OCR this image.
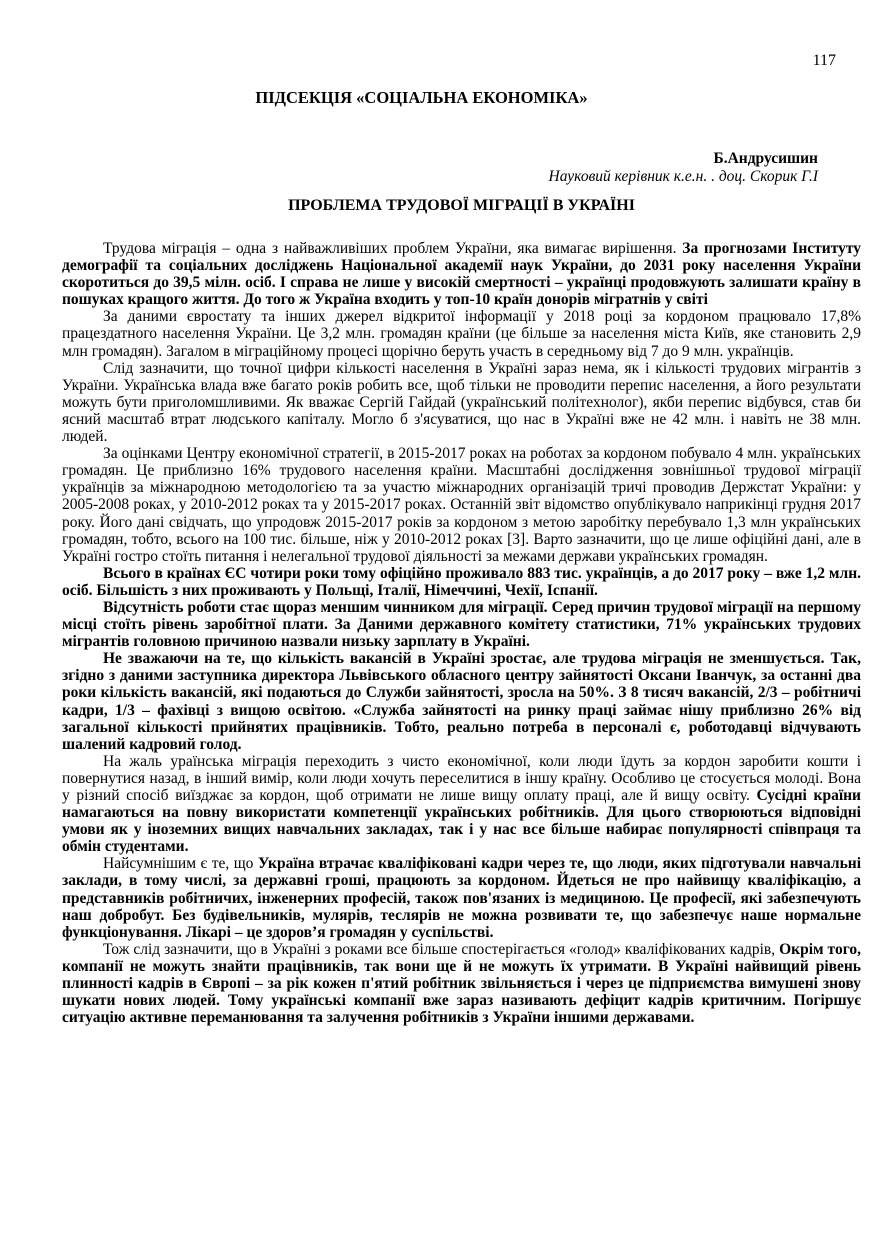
117
ПІДСЕКЦІЯ «СОЦІАЛЬНА ЕКОНОМІКА»
Б.Андрусишин
Науковий керівник к.е.н. . доц. Скорик Г.І
ПРОБЛЕМА ТРУДОВОЇ МІГРАЦІЇ В УКРАЇНІ

Трудова міграція – одна з найважливіших проблем України, яка вимагає вирішення. За прогнозами Інституту демографії та соціальних досліджень Національної академії наук України, до 2031 року населення України скоротиться до 39,5 мілн. осіб. І справа не лише у високій смертності – українці продовжують залишати країну в пошуках кращого життя. До того ж Україна входить у топ-10 країн донорів мігратнів у світі

За даними євростату та інших джерел відкритої інформації у 2018 році за кордоном працювало 17,8% працездатного населення України. Це 3,2 млн. громадян країни (це більше за населення міста Київ, яке становить 2,9 млн громадян). Загалом в міграційному процесі щорічно беруть участь в середньому від 7 до 9 млн. українців.

Слід зазначити, що точної цифри кількості населення в Україні зараз нема, як і кількості трудових мігрантів з України. Українська влада вже багато років робить все, щоб тільки не проводити перепис населення, а його результати можуть бути приголомшливими. Як вважає Сергій Гайдай (український політехнолог), якби перепис відбувся, став би ясний масштаб втрат людського капіталу. Могло б з'ясуватися, що нас в Україні вже не 42 млн. і навіть не 38 млн. людей.

За оцінками Центру економічної стратегії, в 2015-2017 роках на роботах за кордоном побувало 4 млн. українських громадян. Це приблизно 16% трудового населення країни. Масштабні дослідження зовнішньої трудової міграції українців за міжнародною методологією та за участю міжнародних організацій тричі проводив Держстат України: у 2005-2008 роках, у 2010-2012 роках та у 2015-2017 роках. Останній звіт відомство опублікувало наприкінці грудня 2017 року. Його дані свідчать, що упродовж 2015-2017 років за кордоном з метою заробітку перебувало 1,3 млн українських громадян, тобто, всього на 100 тис. більше, ніж у 2010-2012 роках [3]. Варто зазначити, що це лише офіційні дані, але в Україні гостро стоїть питання і нелегальної трудової діяльності за межами держави українських громадян.

Всього в країнах ЄС чотири роки тому офіційно проживало 883 тис. українців, а до 2017 року – вже 1,2 млн. осіб. Більшість з них проживають у Польщі, Італії, Німеччині, Чехії, Іспанії.

Відсутність роботи стає щораз меншим чинником для міграції. Серед причин трудової міграції на першому місці стоїть рівень заробітної плати. За Даними державного комітету статистики, 71% українських трудових мігрантів головною причиною назвали низьку зарплату в Україні.

Не зважаючи на те, що кількість вакансій в Україні зростає, але трудова міграція не зменшується. Так, згідно з даними заступника директора Львівського обласного центру зайнятості Оксани Іванчук, за останні два роки кількість вакансій, які подаються до Служби зайнятості, зросла на 50%. З 8 тисяч вакансій, 2/3 – робітничі кадри, 1/3 – фахівці з вищою освітою. «Служба зайнятості на ринку праці займає нішу приблизно 26% від загальної кількості прийнятих працівників. Тобто, реально потреба в персоналі є, роботодавці відчувають шалений кадровий голод.

На жаль ураїнська міграція переходить з чисто економічної, коли люди їдуть за кордон заробити кошти і повернутися назад, в інший вимір, коли люди хочуть переселитися в іншу країну. Особливо це стосується молоді. Вона у різний спосіб виїзджає за кордон, щоб отримати не лише вищу оплату праці, але й вищу освіту. Сусідні країни намагаються на повну використати компетенції українських робітників. Для цього створюються відповідні умови як у іноземних вищих навчальних закладах, так і у нас все більше набирає популярності співпраця та обмін студентами.

Найсумнішим є те, що Україна втрачає кваліфіковані кадри через те, що люди, яких підготували навчальні заклади, в тому числі, за державні гроші, працюють за кордоном. Йдеться не про найвищу кваліфікацію, а представників робітничих, інженерних професій, також пов'язаних із медициною. Це професії, які забезпечують наш добробут. Без будівельників, мулярів, теслярів не можна розвивати те, що забезпечує наше нормальне функціонування. Лікарі – це здоров’я громадян у суспільстві.

Тож слід зазначити, що в Україні з роками все більше спостерігається «голод» кваліфікованих кадрів, Окрім того, компанії не можуть знайти працівників, так вони ще й не можуть їх утримати. В Україні найвищий рівень плинності кадрів в Європі – за рік кожен п'ятий робітник звільняється і через це підприємства вимушені знову шукати нових людей. Тому українські компанії вже зараз називають дефіцит кадрів критичним. Погіршує ситуацію активне переманювання та залучення робітників з України іншими державами.
